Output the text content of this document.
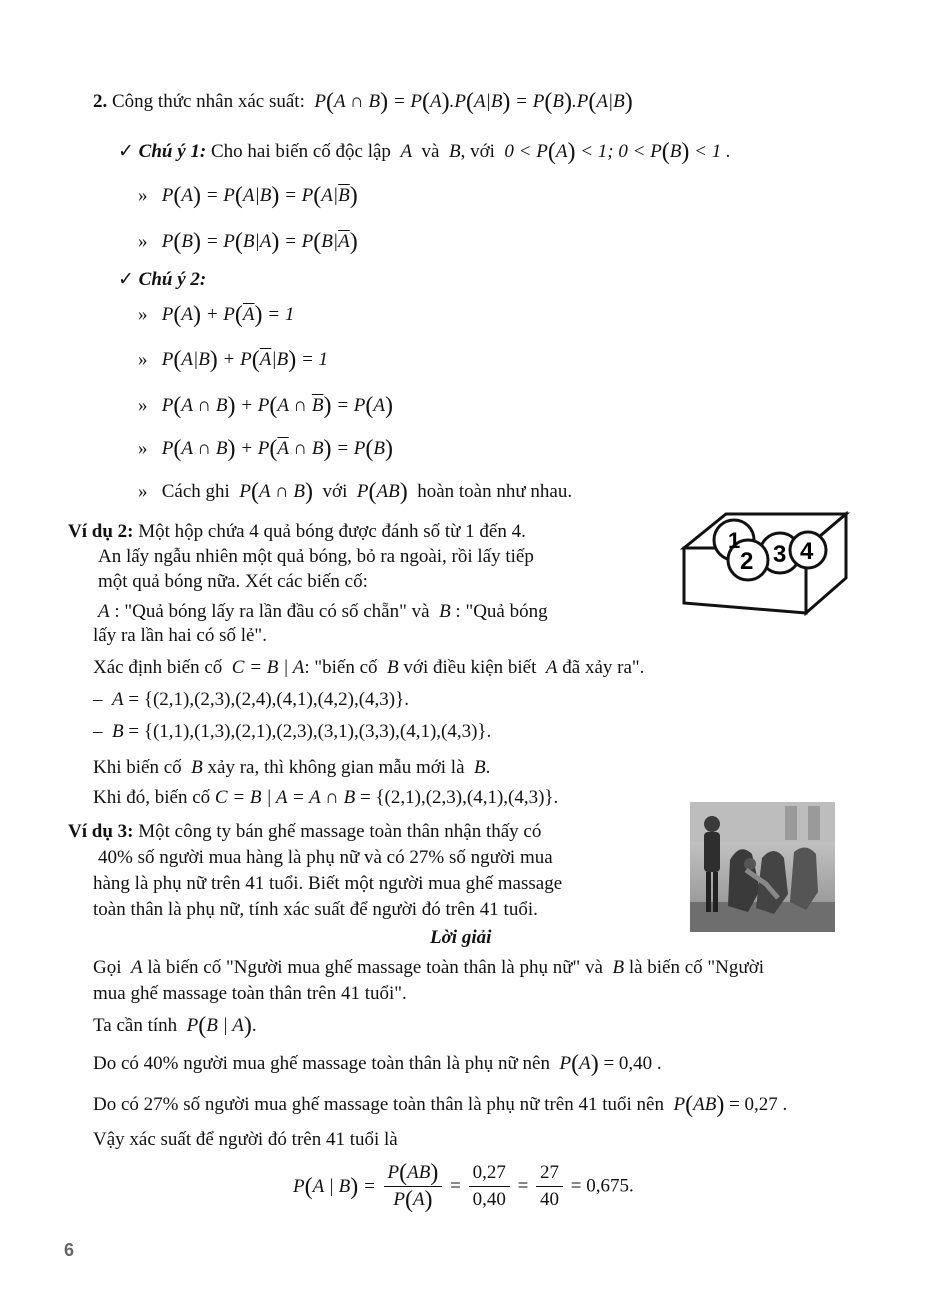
2. Công thức nhân xác suất:  P(A ∩ B) = P(A).P(A|B) = P(B).P(A|B)
✓ Chú ý 1: Cho hai biến cố độc lập  A  và  B, với  0 < P(A) < 1; 0 < P(B) < 1 .
» $P(A) = P(A|B) = P(A|\overline{B})$
» $P(B) = P(B|A) = P(B|\overline{A})$
✓ Chú ý 2:
» $P(A) + P(\overline{A}) = 1$
» $P(A|B) + P(\overline{A}|B) = 1$
» P(A ∩ B) + P(A ∩ $\overline{B}) = P(A)$
» P(A ∩ $B) + P(\overline{A}$ ∩ B) = P(B)
» Cách ghi  P(A ∩ B) với  P(AB) hoàn toàn như nhau.
Ví dụ 2: Một hộp chứa 4 quả bóng được đánh số từ 1 đến 4.
An lấy ngẫu nhiên một quả bóng, bỏ ra ngoài, rồi lấy tiếp
một quả bóng nữa. Xét các biến cố:
A : "Quả bóng lấy ra lần đầu có số chẵn" và  B : "Quả bóng
lấy ra lần hai có số lẻ".
Xác định biến cố  C = B | A: "biến cố  B với điều kiện biết  A đã xảy ra".
–  A = {(2,1),(2,3),(2,4),(4,1),(4,2),(4,3)}.
–  B = {(1,1),(1,3),(2,1),(2,3),(3,1),(3,3),(4,1),(4,3)}.
Khi biến cố  B xảy ra, thì không gian mẫu mới là  B.
Khi đó, biến cố C = B | A = A ∩ B = {(2,1),(2,3),(4,1),(4,3)}.
1
2 3 4
Ví dụ 3: Một công ty bán ghế massage toàn thân nhận thấy có
40% số người mua hàng là phụ nữ và có 27% số người mua
hàng là phụ nữ trên 41 tuổi. Biết một người mua ghế massage
toàn thân là phụ nữ, tính xác suất để người đó trên 41 tuổi.
Lời giải
Gọi  A là biến cố "Người mua ghế massage toàn thân là phụ nữ" và  B là biến cố "Người
mua ghế massage toàn thân trên 41 tuổi".
Ta cần tính  P(B | A).
Do có 40% người mua ghế massage toàn thân là phụ nữ nên  P(A) = 0,40 .
Do có 27% số người mua ghế massage toàn thân là phụ nữ trên 41 tuổi nên  P(AB) = 0,27 .
Vậy xác suất để người đó trên 41 tuổi là
P(A | $B) = \frac{P(AB)}{P(A)} = \frac{0,27}{0,40} = \frac{27}{40} = 0,675$.
6
